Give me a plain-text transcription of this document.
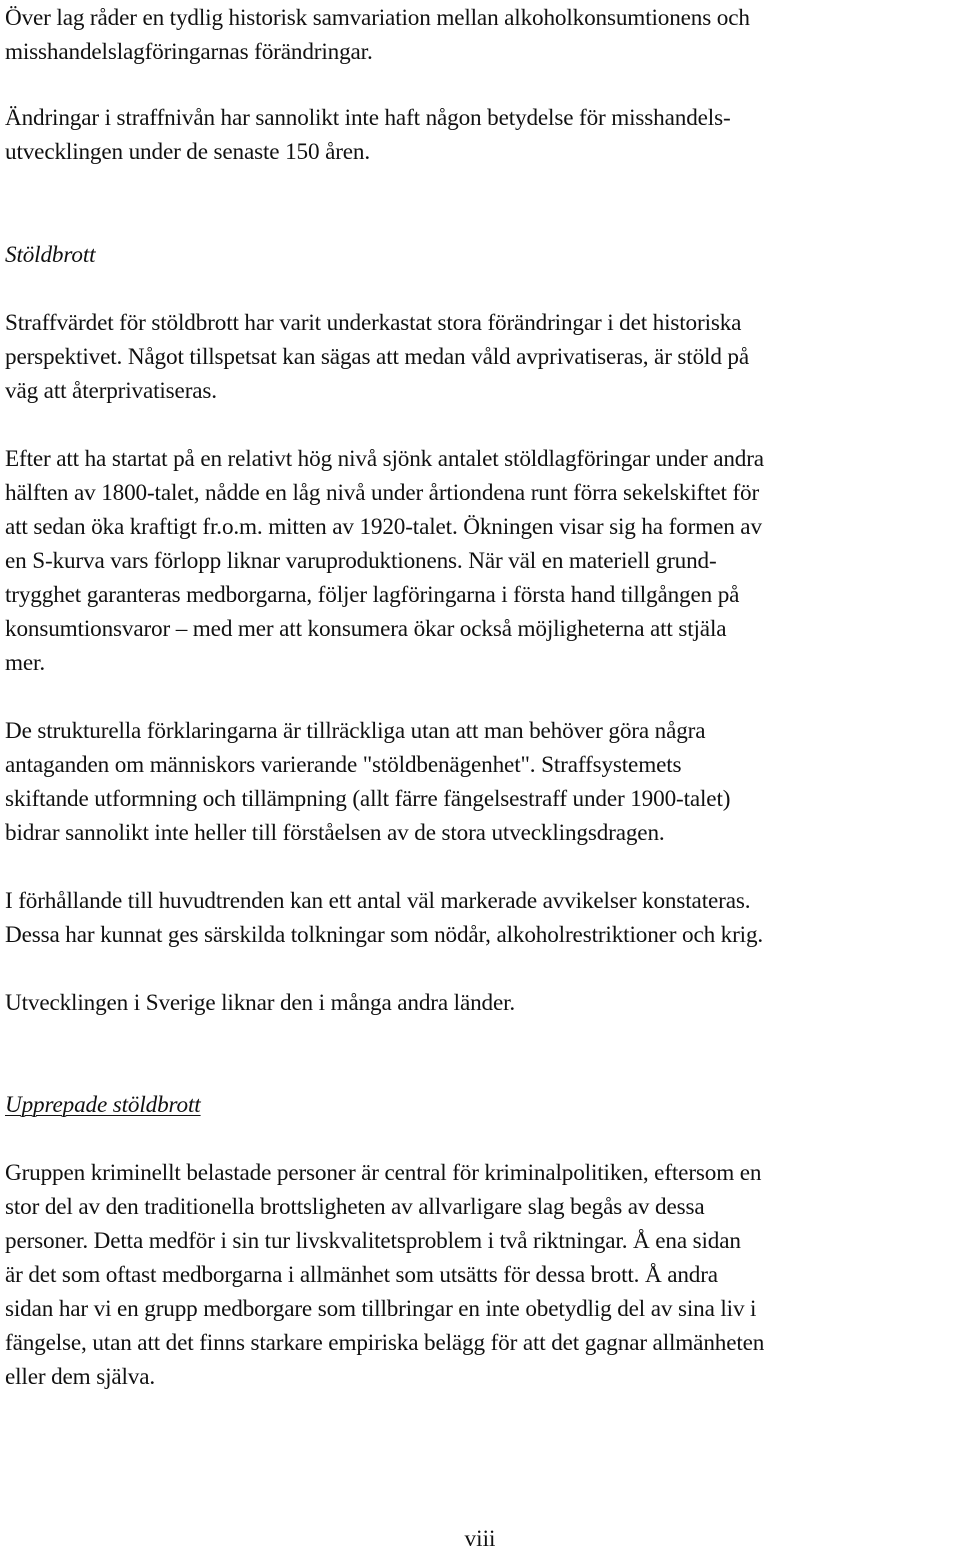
Över lag råder en tydlig historisk samvariation mellan alkoholkonsumtionens och
misshandelslagföringarnas förändringar.

Ändringar i straffnivån har sannolikt inte haft någon betydelse för misshandels-
utvecklingen under de senaste 150 åren.

Stöldbrott

Straffvärdet för stöldbrott har varit underkastat stora förändringar i det historiska
perspektivet. Något tillspetsat kan sägas att medan våld avprivatiseras, är stöld på
väg att återprivatiseras.

Efter att ha startat på en relativt hög nivå sjönk antalet stöldlagföringar under andra
hälften av 1800-talet, nådde en låg nivå under årtiondena runt förra sekelskiftet för
att sedan öka kraftigt fr.o.m. mitten av 1920-talet. Ökningen visar sig ha formen av
en S-kurva vars förlopp liknar varuproduktionens. När väl en materiell grund-
trygghet garanteras medborgarna, följer lagföringarna i första hand tillgången på
konsumtionsvaror – med mer att konsumera ökar också möjligheterna att stjäla
mer.

De strukturella förklaringarna är tillräckliga utan att man behöver göra några
antaganden om människors varierande "stöldbenägenhet". Straffsystemets
skiftande utformning och tillämpning (allt färre fängelsestraff under 1900-talet)
bidrar sannolikt inte heller till förståelsen av de stora utvecklingsdragen.

I förhållande till huvudtrenden kan ett antal väl markerade avvikelser konstateras.
Dessa har kunnat ges särskilda tolkningar som nödår, alkoholrestriktioner och krig.

Utvecklingen i Sverige liknar den i många andra länder.

Upprepade stöldbrott

Gruppen kriminellt belastade personer är central för kriminalpolitiken, eftersom en
stor del av den traditionella brottsligheten av allvarligare slag begås av dessa
personer. Detta medför i sin tur livskvalitetsproblem i två riktningar. Å ena sidan
är det som oftast medborgarna i allmänhet som utsätts för dessa brott. Å andra
sidan har vi en grupp medborgare som tillbringar en inte obetydlig del av sina liv i
fängelse, utan att det finns starkare empiriska belägg för att det gagnar allmänheten
eller dem själva.

viii
